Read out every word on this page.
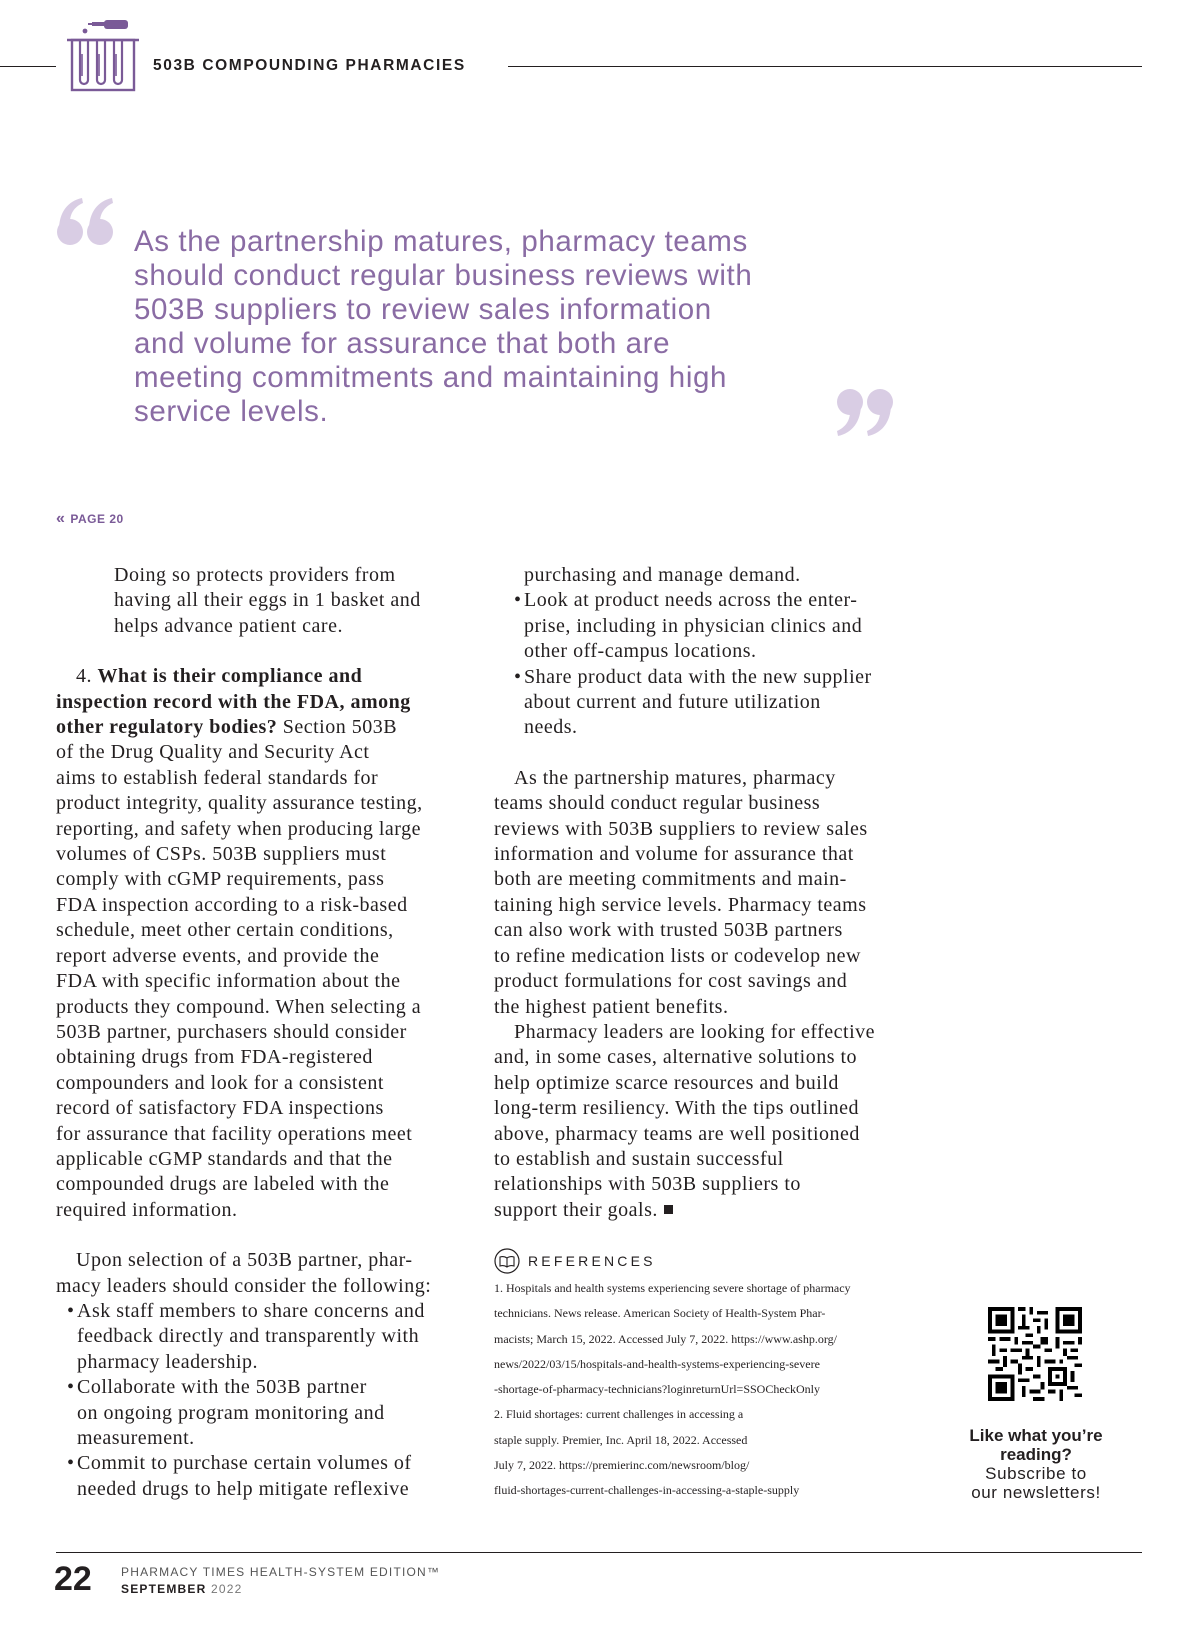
503B COMPOUNDING PHARMACIES
As the partnership matures, pharmacy teams
should conduct regular business reviews with
503B suppliers to review sales information
and volume for assurance that both are
meeting commitments and maintaining high
service levels.
« PAGE 20

Doing so protects providers from
having all their eggs in 1 basket and
helps advance patient care.

4. What is their compliance and
inspection record with the FDA, among
other regulatory bodies? Section 503B
of the Drug Quality and Security Act
aims to establish federal standards for
product integrity, quality assurance testing,
reporting, and safety when producing large
volumes of CSPs. 503B suppliers must
comply with cGMP requirements, pass
FDA inspection according to a risk-based
schedule, meet other certain conditions,
report adverse events, and provide the
FDA with specific information about the
products they compound. When selecting a
503B partner, purchasers should consider
obtaining drugs from FDA-registered
compounders and look for a consistent
record of satisfactory FDA inspections
for assurance that facility operations meet
applicable cGMP standards and that the
compounded drugs are labeled with the
required information.

Upon selection of a 503B partner, phar-
macy leaders should consider the following:

• Ask staff members to share concerns and
feedback directly and transparently with
pharmacy leadership.
• Collaborate with the 503B partner
on ongoing program monitoring and
measurement.
• Commit to purchase certain volumes of
needed drugs to help mitigate reflexive
purchasing and manage demand.
• Look at product needs across the enter-
prise, including in physician clinics and
other off-campus locations.
• Share product data with the new supplier
about current and future utilization
needs.

As the partnership matures, pharmacy
teams should conduct regular business
reviews with 503B suppliers to review sales
information and volume for assurance that
both are meeting commitments and main-
taining high service levels. Pharmacy teams
can also work with trusted 503B partners
to refine medication lists or codevelop new
product formulations for cost savings and
the highest patient benefits.

Pharmacy leaders are looking for effective
and, in some cases, alternative solutions to
help optimize scarce resources and build
long-term resiliency. With the tips outlined
above, pharmacy teams are well positioned
to establish and sustain successful
relationships with 503B suppliers to
support their goals.

REFERENCES
1. Hospitals and health systems experiencing severe shortage of pharmacy
technicians. News release. American Society of Health-System Phar-
macists; March 15, 2022. Accessed July 7, 2022. https://www.ashp.org/
news/2022/03/15/hospitals-and-health-systems-experiencing-severe
-shortage-of-pharmacy-technicians?loginreturnUrl=SSOCheckOnly
2. Fluid shortages: current challenges in accessing a
staple supply. Premier, Inc. April 18, 2022. Accessed
July 7, 2022. https://premierinc.com/newsroom/blog/
fluid-shortages-current-challenges-in-accessing-a-staple-supply
Like what you’re
reading?
Subscribe to
our newsletters!
22 PHARMACY TIMES HEALTH-SYSTEM EDITION™
SEPTEMBER 2022
